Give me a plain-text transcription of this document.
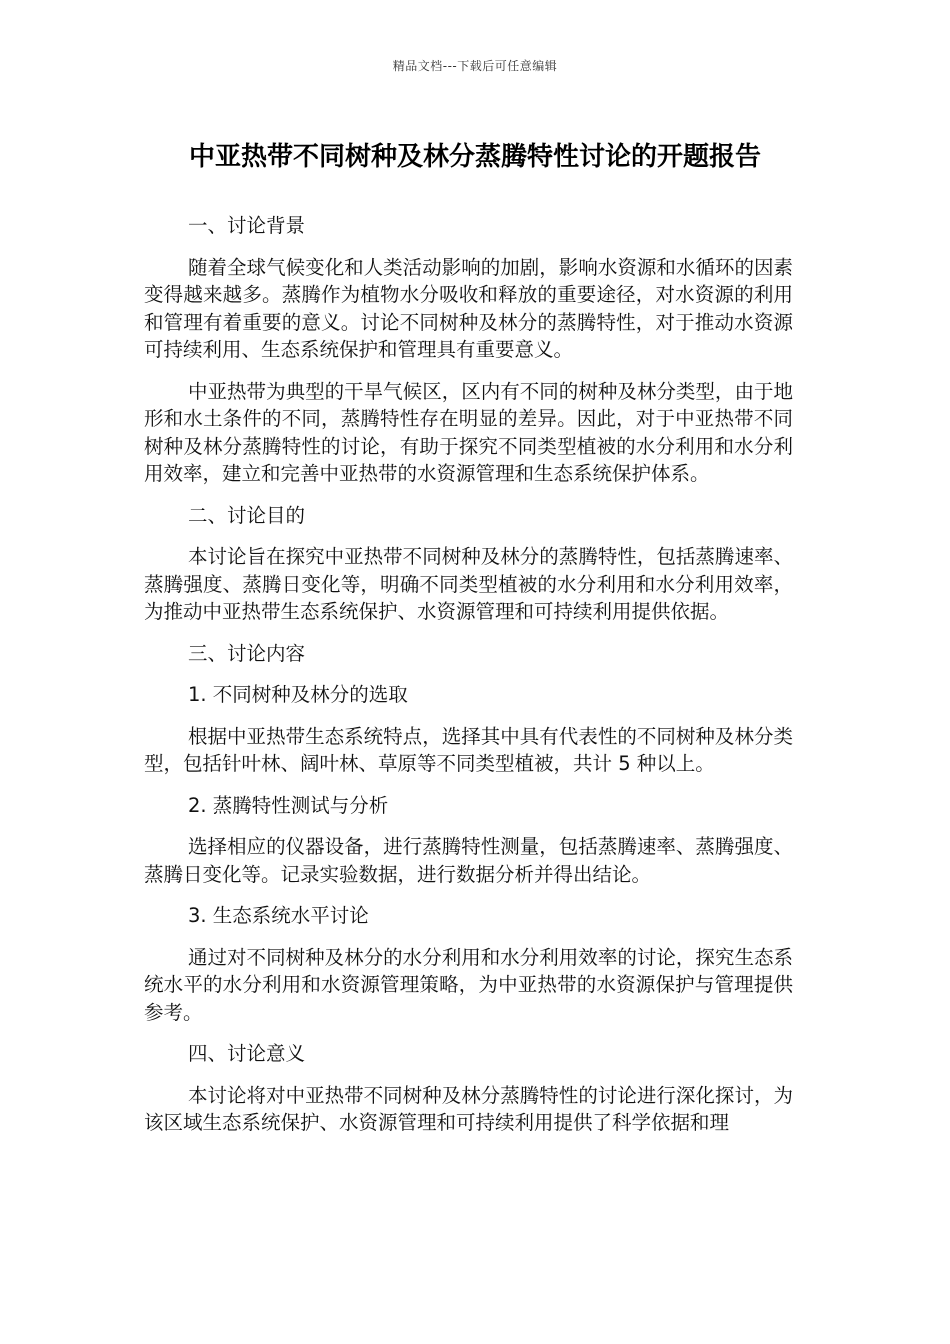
精品文档---下载后可任意编辑
中亚热带不同树种及林分蒸腾特性讨论的开题报告
一、讨论背景

随着全球气候变化和人类活动影响的加剧，影响水资源和水循环的因素变得越来越多。蒸腾作为植物水分吸收和释放的重要途径，对水资源的利用和管理有着重要的意义。讨论不同树种及林分的蒸腾特性，对于推动水资源可持续利用、生态系统保护和管理具有重要意义。

中亚热带为典型的干旱气候区，区内有不同的树种及林分类型，由于地形和水土条件的不同，蒸腾特性存在明显的差异。因此，对于中亚热带不同树种及林分蒸腾特性的讨论，有助于探究不同类型植被的水分利用和水分利用效率，建立和完善中亚热带的水资源管理和生态系统保护体系。

二、讨论目的

本讨论旨在探究中亚热带不同树种及林分的蒸腾特性，包括蒸腾速率、蒸腾强度、蒸腾日变化等，明确不同类型植被的水分利用和水分利用效率，为推动中亚热带生态系统保护、水资源管理和可持续利用提供依据。

三、讨论内容
1. 不同树种及林分的选取

根据中亚热带生态系统特点，选择其中具有代表性的不同树种及林分类型，包括针叶林、阔叶林、草原等不同类型植被，共计 5 种以上。

2. 蒸腾特性测试与分析

选择相应的仪器设备，进行蒸腾特性测量，包括蒸腾速率、蒸腾强度、蒸腾日变化等。记录实验数据，进行数据分析并得出结论。

3. 生态系统水平讨论

通过对不同树种及林分的水分利用和水分利用效率的讨论，探究生态系统水平的水分利用和水资源管理策略，为中亚热带的水资源保护与管理提供参考。

四、讨论意义

本讨论将对中亚热带不同树种及林分蒸腾特性的讨论进行深化探讨，为该区域生态系统保护、水资源管理和可持续利用提供了科学依据和理
